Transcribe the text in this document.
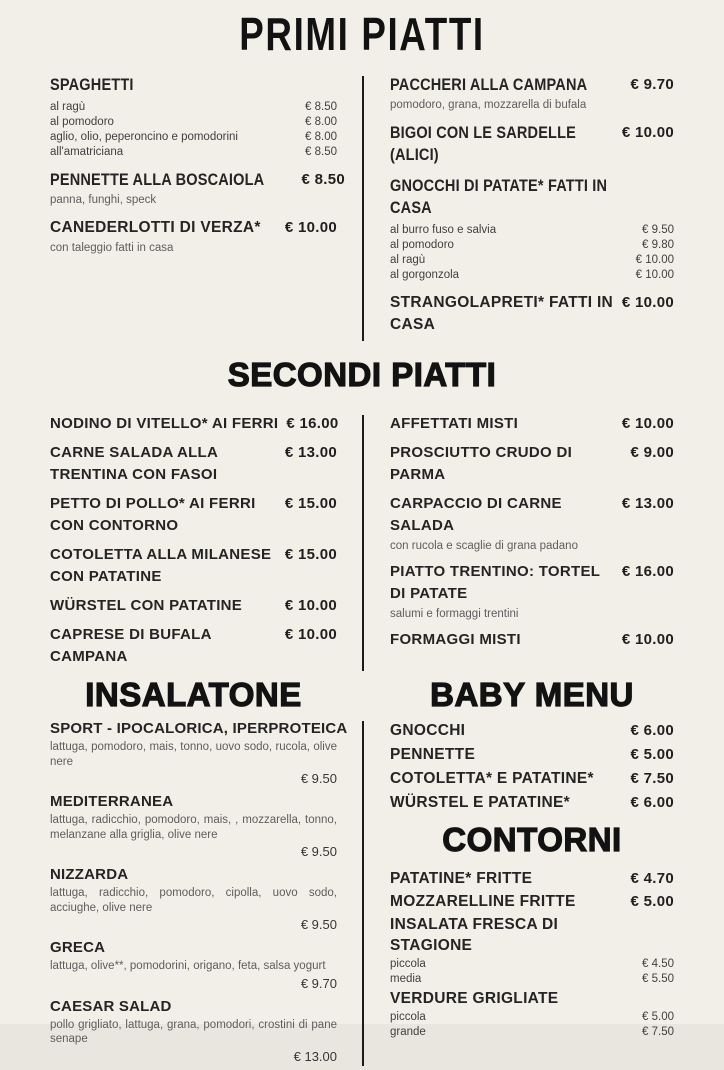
PRIMI PIATTI
SPAGHETTI
al ragù	€ 8.50
al pomodoro	€ 8.00
aglio, olio, peperoncino e pomodorini	€ 8.00
all'amatriciana	€ 8.50
PENNETTE ALLA BOSCAIOLA € 8.50
panna, funghi, speck
CANEDERLOTTI DI VERZA* € 10.00
con taleggio fatti in casa
PACCHERI ALLA CAMPANA	€ 9.70
pomodoro, grana, mozzarella di bufala
BIGOI CON LE SARDELLE (ALICI)
€ 10.00
GNOCCHI DI PATATE* FATTI IN CASA
al burro fuso e salvia	€ 9.50
al pomodoro	€ 9.80
al ragù	€ 10.00
al gorgonzola	€ 10.00
STRANGOLAPRETI* FATTI IN CASA
€ 10.00
SECONDI PIATTI
NODINO DI VITELLO* AI FERRI € 16.00
CARNE SALADA ALLA TRENTINA CON FASOI
€ 13.00
PETTO DI POLLO* AI FERRI CON CONTORNO
€ 15.00
COTOLETTA ALLA MILANESE CON PATATINE
€ 15.00
WÜRSTEL CON PATATINE	€ 10.00
CAPRESE DI BUFALA CAMPANA
€ 10.00
AFFETTATI MISTI	€ 10.00
PROSCIUTTO CRUDO DI PARMA
€ 9.00
CARPACCIO DI CARNE SALADA
€ 13.00
con rucola e scaglie di grana padano
PIATTO TRENTINO: TORTEL DI PATATE
€ 16.00
salumi e formaggi trentini
FORMAGGI MISTI	€ 10.00
INSALATONE	BABY MENU
SPORT - IPOCALORICA, IPERPROTEICA
lattuga, pomodoro, mais, tonno, uovo sodo, rucola, olive nere
€ 9.50
MEDITERRANEA
lattuga, radicchio, pomodoro, mais, , mozzarella, tonno, melanzane alla griglia, olive nere
€ 9.50
NIZZARDA
lattuga, radicchio, pomodoro, cipolla, uovo sodo, acciughe, olive nere
€ 9.50
GRECA
lattuga, olive**, pomodorini, origano, feta, salsa yogurt
€ 9.70
CAESAR SALAD
pollo grigliato, lattuga, grana, pomodori, crostini di pane senape
€ 13.00
GNOCCHI	€ 6.00
PENNETTE	€ 5.00
COTOLETTA* E PATATINE* € 7.50
WÜRSTEL E PATATINE*	€ 6.00
CONTORNI
PATATINE* FRITTE	€ 4.70
MOZZARELLINE FRITTE	€ 5.00
INSALATA FRESCA DI STAGIONE
piccola	€ 4.50
media	€ 5.50
VERDURE GRIGLIATE
piccola	€ 5.00
grande	€ 7.50
